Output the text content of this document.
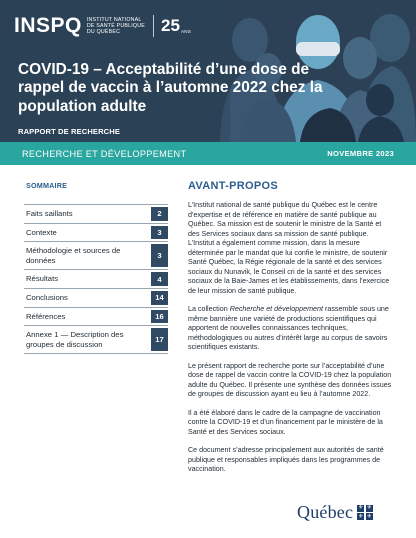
INSPQ INSTITUT NATIONAL
DE SANTÉ PUBLIQUE
DU QUÉBEC	25 ANS
COVID-19 – Acceptabilité d’une dose de rappel de vaccin à l’automne 2022 chez la population adulte
RAPPORT DE RECHERCHE
RECHERCHE ET DÉVELOPPEMENT	NOVEMBRE 2023
SOMMAIRE
Faits saillants	2
Contexte	3
Méthodologie et sources de données	3
Résultats	4
Conclusions	14
Références	16
Annexe 1 — Description des groupes de discussion	17
AVANT-PROPOS

L’Institut national de santé publique du Québec est le centre d’expertise et de référence en matière de santé publique au Québec. Sa mission est de soutenir le ministre de la Santé et des Services sociaux dans sa mission de santé publique. L’Institut a également comme mission, dans la mesure déterminée par le mandat que lui confie le ministre, de soutenir Santé Québec, la Régie régionale de la santé et des services sociaux du Nunavik, le Conseil cri de la santé et des services sociaux de la Baie-James et les établissements, dans l’exercice de leur mission de santé publique.

La collection Recherche et développement rassemble sous une même bannière une variété de productions scientifiques qui apportent de nouvelles connaissances techniques, méthodologiques ou autres d’intérêt large au corpus de savoirs scientifiques existants.

Le présent rapport de recherche porte sur l’acceptabilité d’une dose de rappel de vaccin contre la COVID-19 chez la population adulte du Québec. Il présente une synthèse des données issues de groupes de discussion ayant eu lieu à l’automne 2022.

Il a été élaboré dans le cadre de la campagne de vaccination contre la COVID-19 et d’un financement par le ministère de la Santé et des Services sociaux.

Ce document s’adresse principalement aux autorités de santé publique et responsables impliqués dans les programmes de vaccination.

Québec ⚜ ⚜
⚜ ⚜
